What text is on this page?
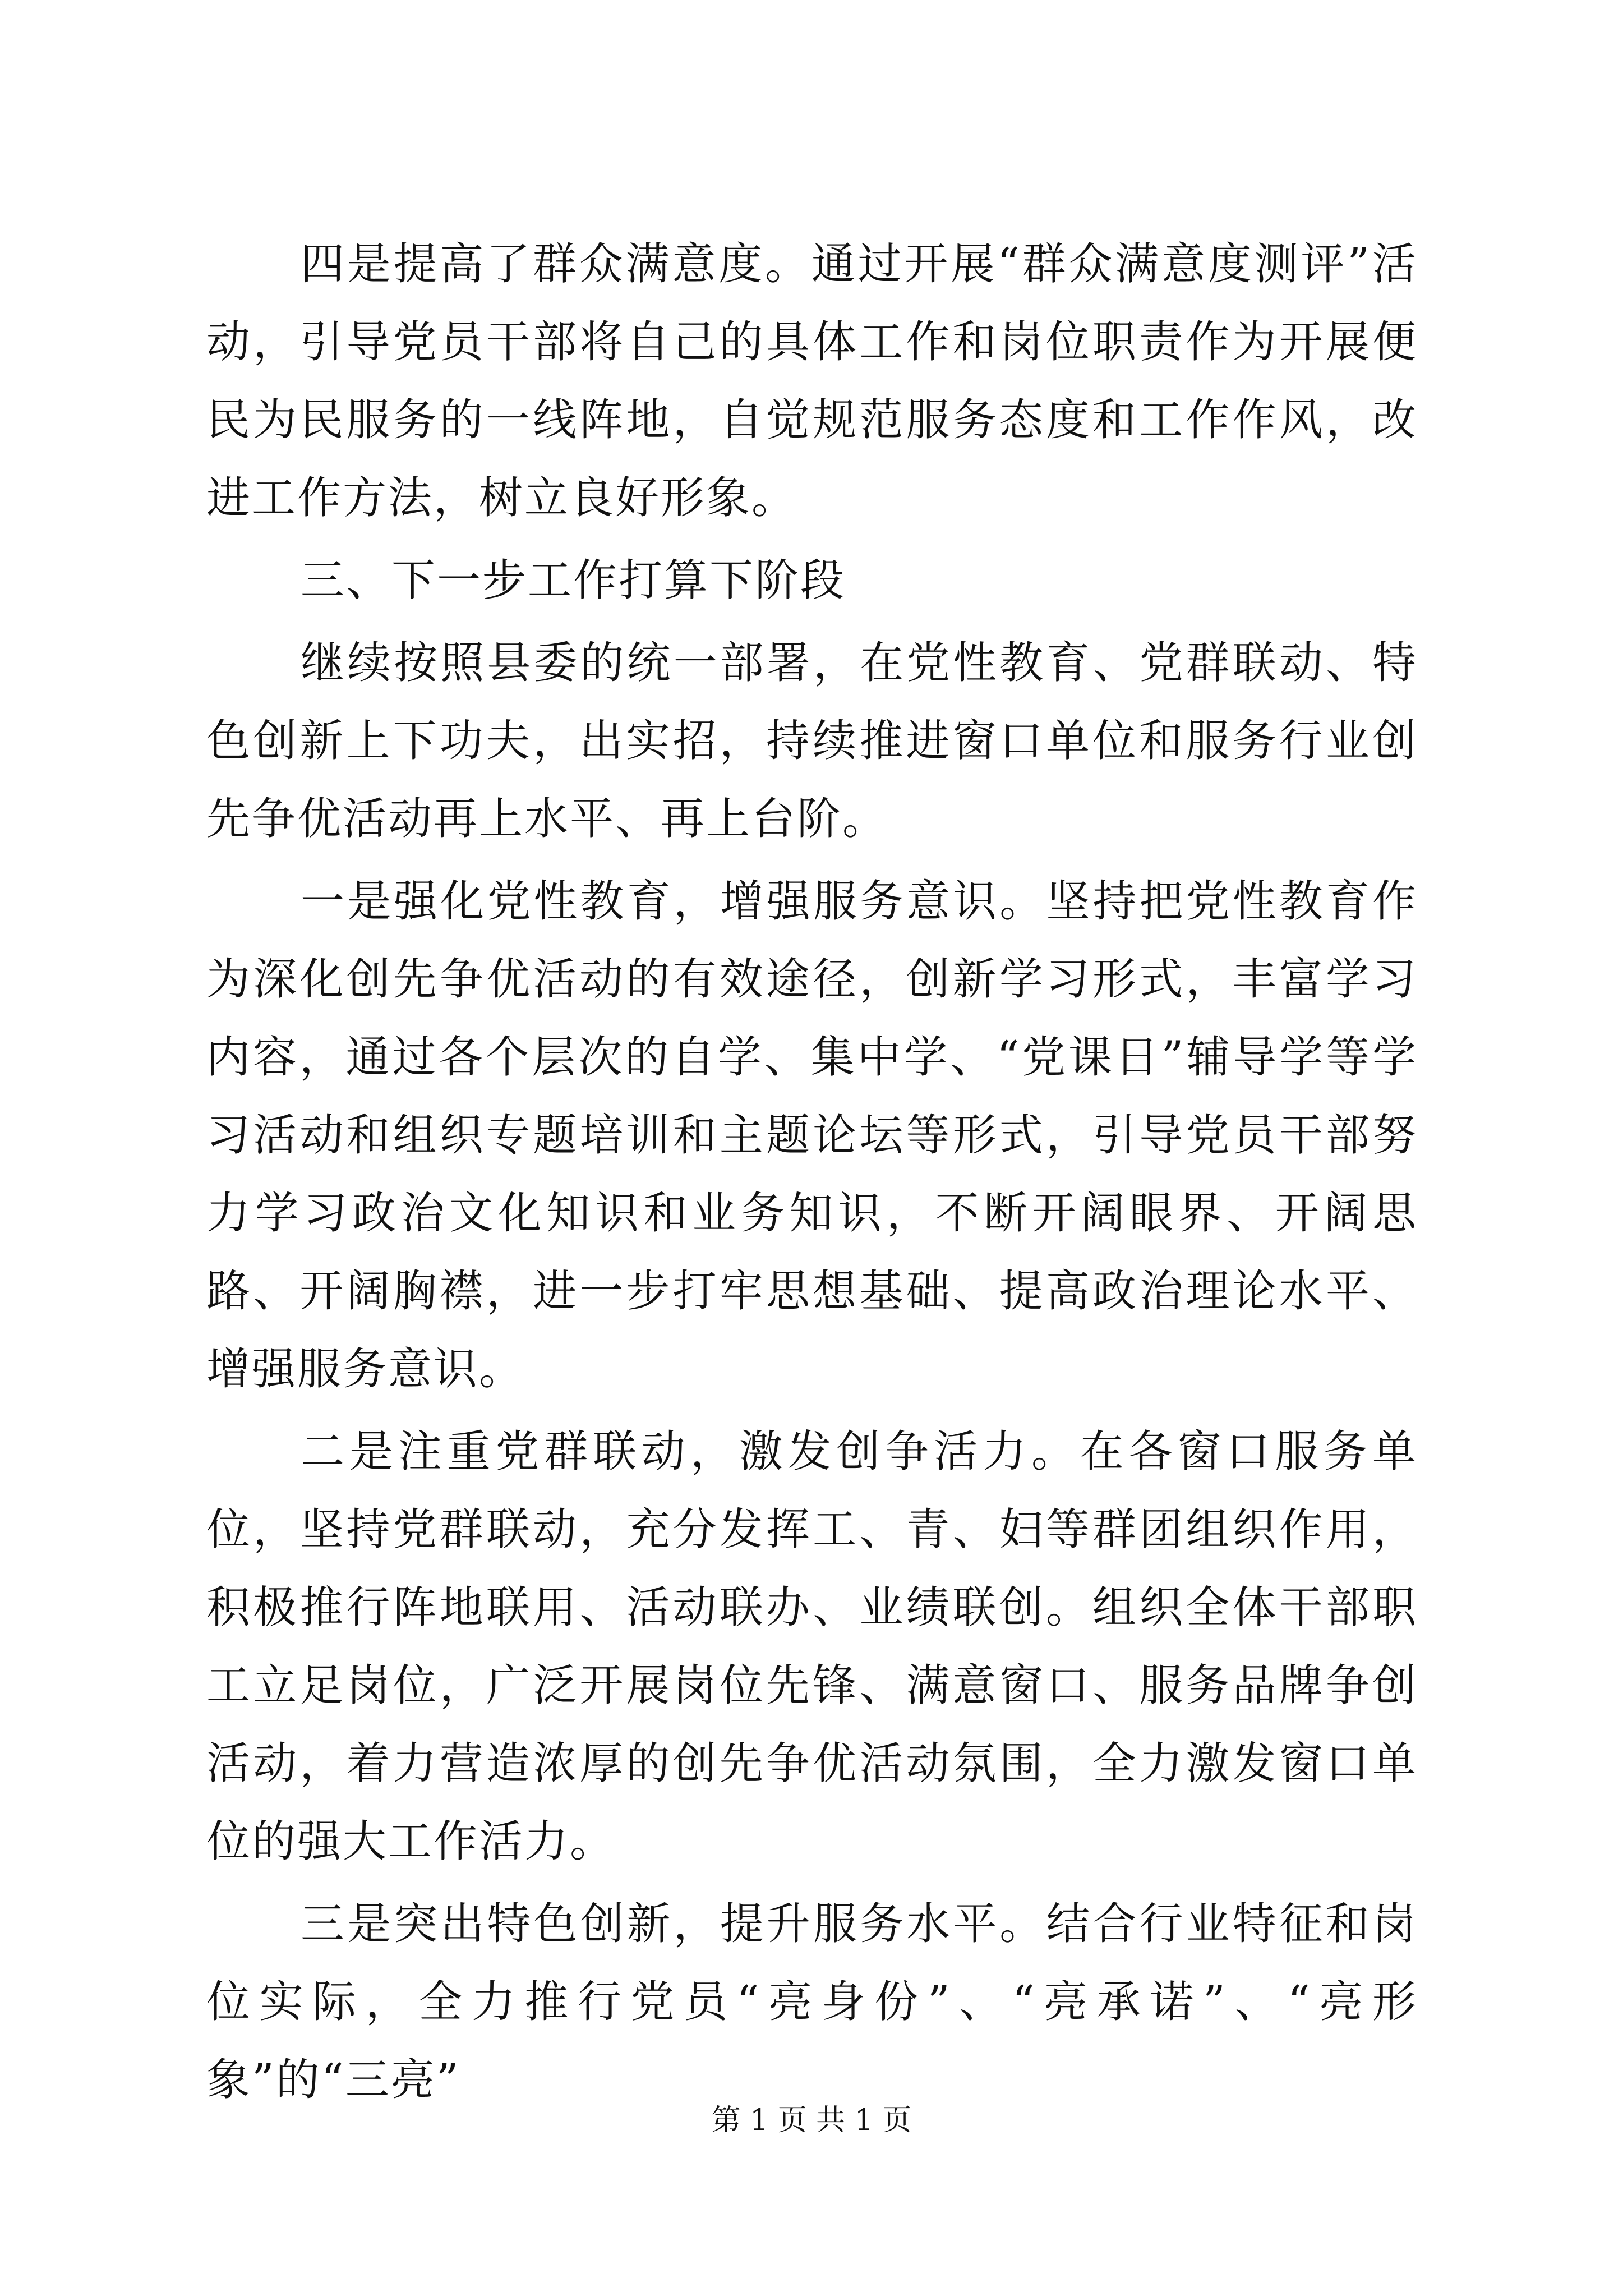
四是提高了群众满意度。通过开展“群众满意度测评”活动，引导党员干部将自己的具体工作和岗位职责作为开展便民为民服务的一线阵地，自觉规范服务态度和工作作风，改进工作方法，树立良好形象。

三、下一步工作打算下阶段

继续按照县委的统一部署，在党性教育、党群联动、特色创新上下功夫，出实招，持续推进窗口单位和服务行业创先争优活动再上水平、再上台阶。

一是强化党性教育，增强服务意识。坚持把党性教育作为深化创先争优活动的有效途径，创新学习形式，丰富学习内容，通过各个层次的自学、集中学、“党课日”辅导学等学习活动和组织专题培训和主题论坛等形式，引导党员干部努力学习政治文化知识和业务知识，不断开阔眼界、开阔思路、开阔胸襟，进一步打牢思想基础、提高政治理论水平、增强服务意识。

二是注重党群联动，激发创争活力。在各窗口服务单位，坚持党群联动，充分发挥工、青、妇等群团组织作用，积极推行阵地联用、活动联办、业绩联创。组织全体干部职工立足岗位，广泛开展岗位先锋、满意窗口、服务品牌争创活动，着力营造浓厚的创先争优活动氛围，全力激发窗口单位的强大工作活力。

三是突出特色创新，提升服务水平。结合行业特征和岗位实际，全力推行党员“亮身份”、“亮承诺”、“亮形象”的“三亮”

第 1 页 共 1 页
